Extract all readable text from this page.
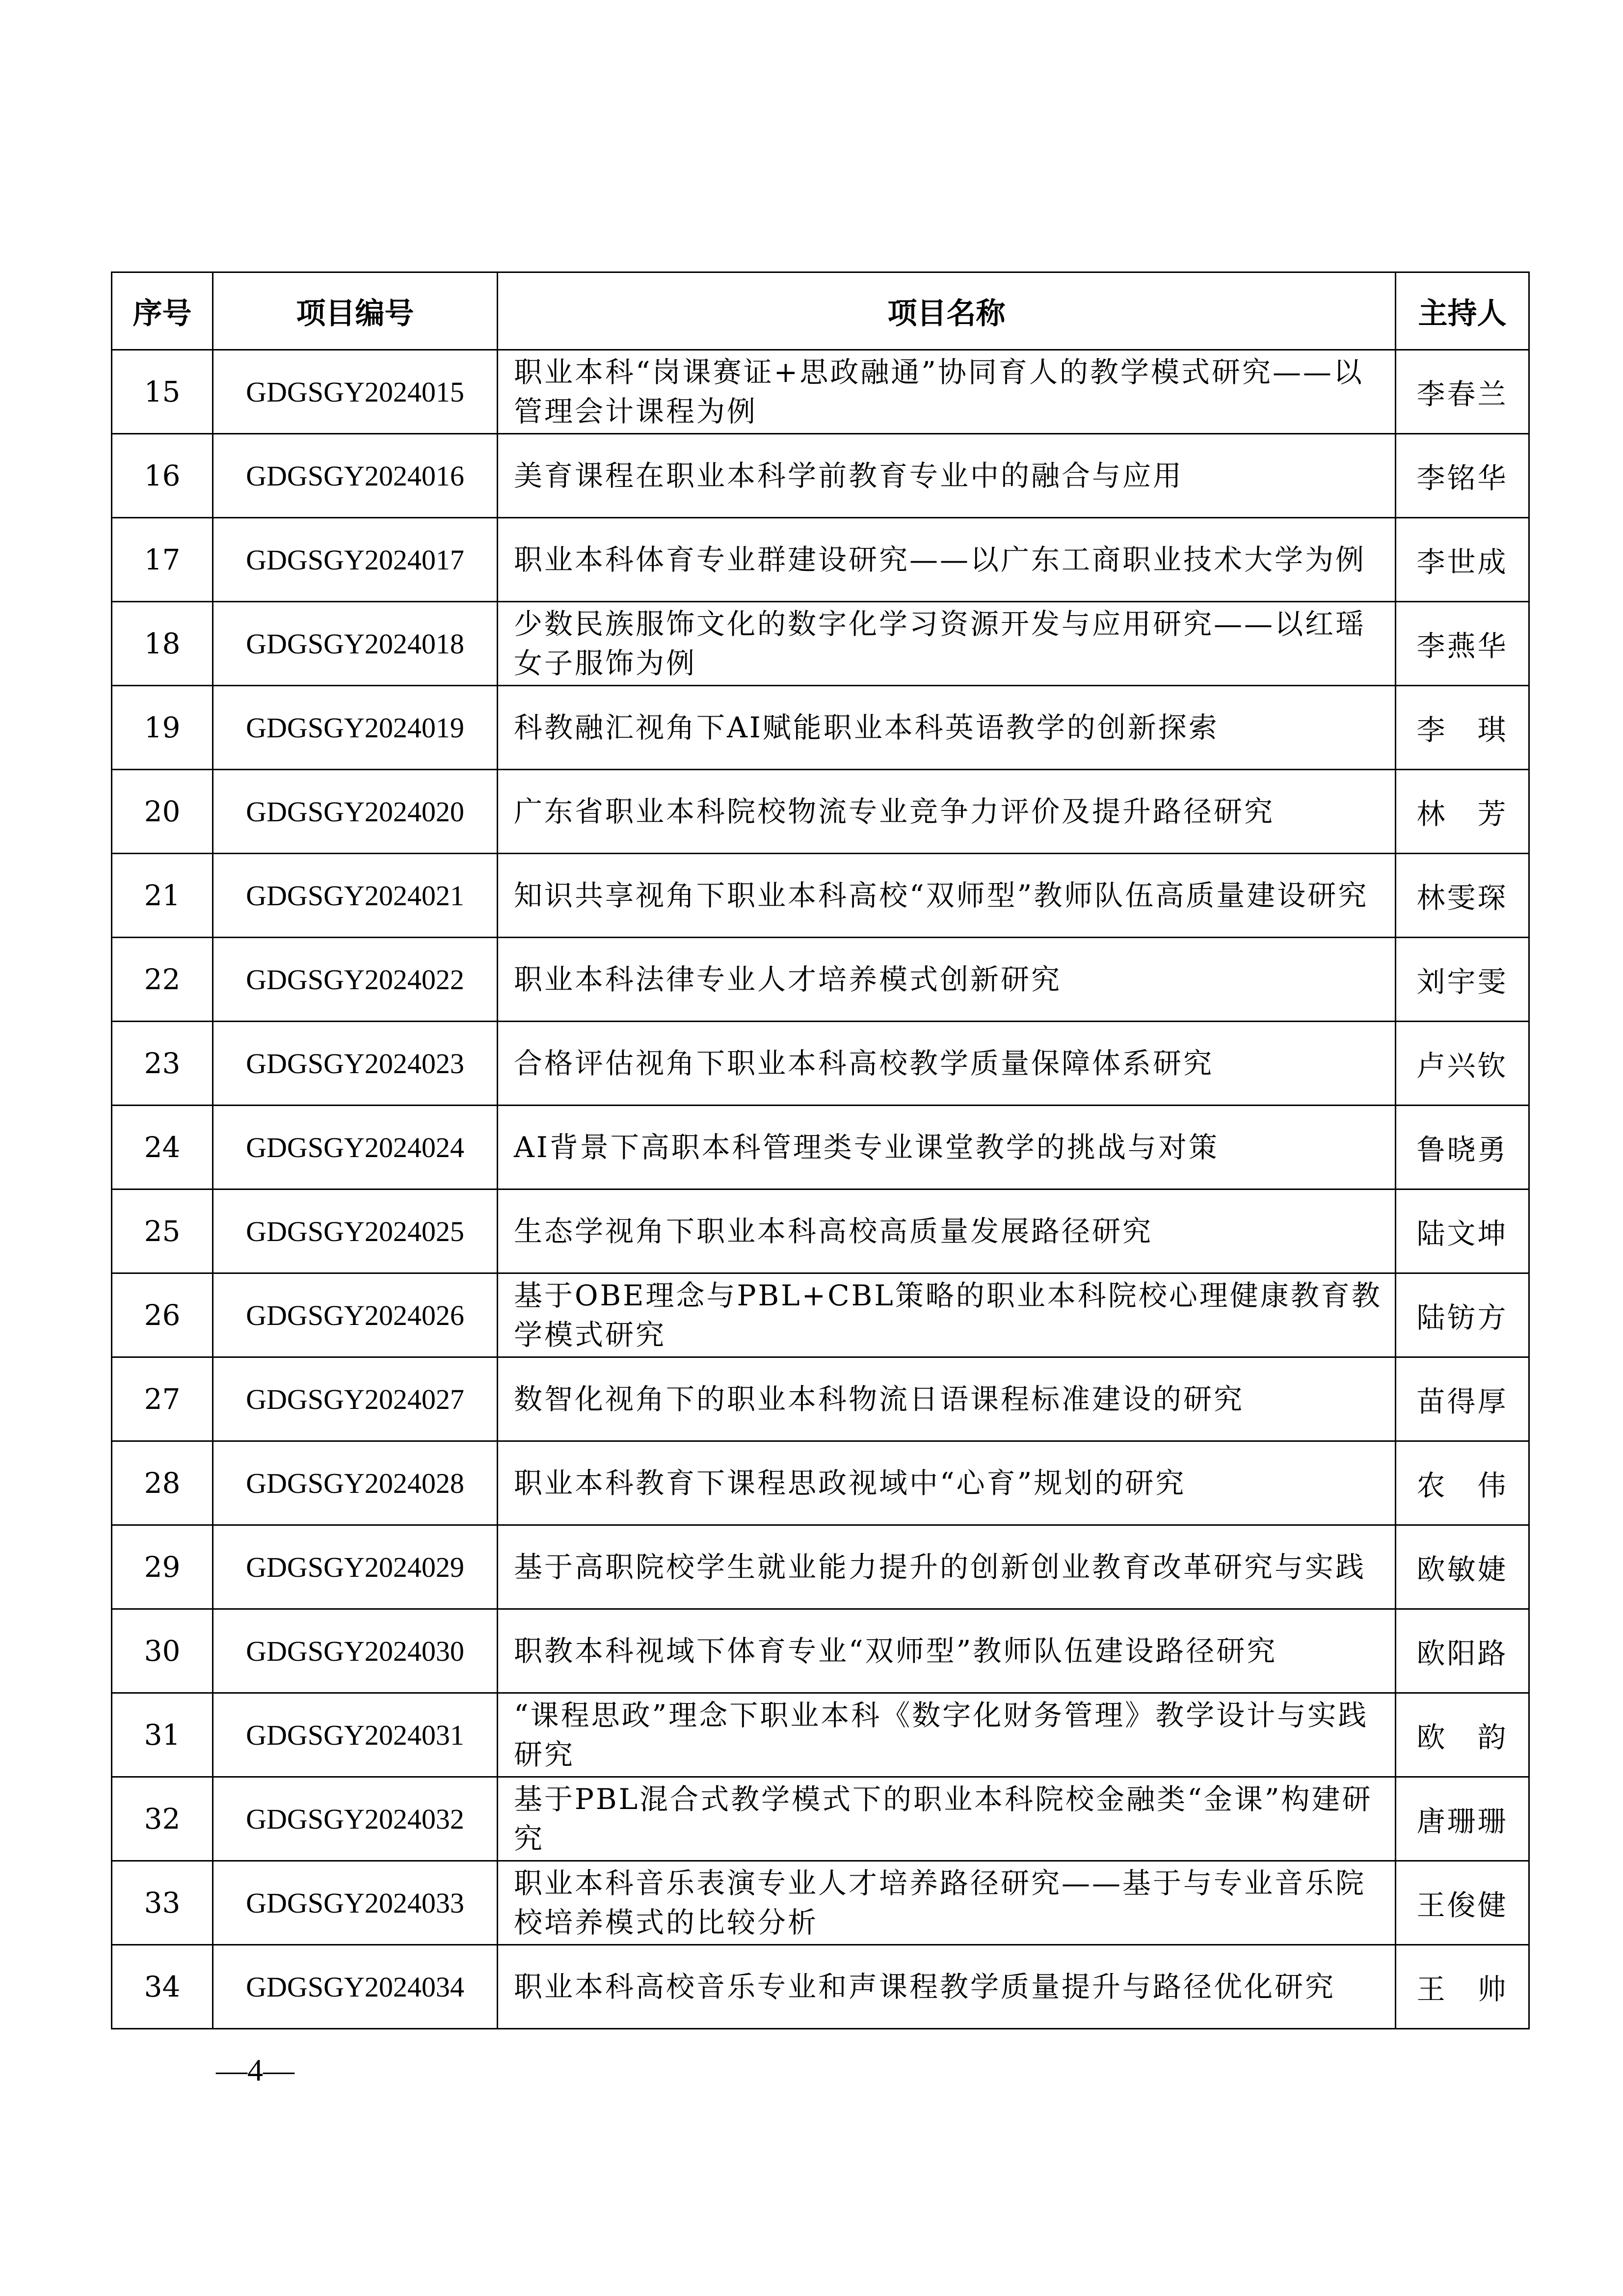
序号	项目编号	项目名称	主持人
15	GDGSGY2024015	职业本科“岗课赛证+思政融通”协同育人的教学模式研究——以管理会计课程为例	李春兰
16	GDGSGY2024016	美育课程在职业本科学前教育专业中的融合与应用	李铭华
17	GDGSGY2024017	职业本科体育专业群建设研究——以广东工商职业技术大学为例	李世成
18	GDGSGY2024018	少数民族服饰文化的数字化学习资源开发与应用研究——以红瑶女子服饰为例	李燕华
19	GDGSGY2024019	科教融汇视角下AI赋能职业本科英语教学的创新探索	李　琪
20	GDGSGY2024020	广东省职业本科院校物流专业竞争力评价及提升路径研究	林　芳
21	GDGSGY2024021	知识共享视角下职业本科高校“双师型”教师队伍高质量建设研究	林雯琛
22	GDGSGY2024022	职业本科法律专业人才培养模式创新研究	刘宇雯
23	GDGSGY2024023	合格评估视角下职业本科高校教学质量保障体系研究	卢兴钦
24	GDGSGY2024024	AI背景下高职本科管理类专业课堂教学的挑战与对策	鲁晓勇
25	GDGSGY2024025	生态学视角下职业本科高校高质量发展路径研究	陆文坤
26	GDGSGY2024026	基于OBE理念与PBL+CBL策略的职业本科院校心理健康教育教学模式研究	陆钫方
27	GDGSGY2024027	数智化视角下的职业本科物流日语课程标准建设的研究	苗得厚
28	GDGSGY2024028	职业本科教育下课程思政视域中“心育”规划的研究	农　伟
29	GDGSGY2024029	基于高职院校学生就业能力提升的创新创业教育改革研究与实践	欧敏婕
30	GDGSGY2024030	职教本科视域下体育专业“双师型”教师队伍建设路径研究	欧阳路
31	GDGSGY2024031	“课程思政”理念下职业本科《数字化财务管理》教学设计与实践研究	欧　韵
32	GDGSGY2024032	基于PBL混合式教学模式下的职业本科院校金融类“金课”构建研究	唐珊珊
33	GDGSGY2024033	职业本科音乐表演专业人才培养路径研究——基于与专业音乐院校培养模式的比较分析	王俊健
34	GDGSGY2024034	职业本科高校音乐专业和声课程教学质量提升与路径优化研究	王　帅
—4—
